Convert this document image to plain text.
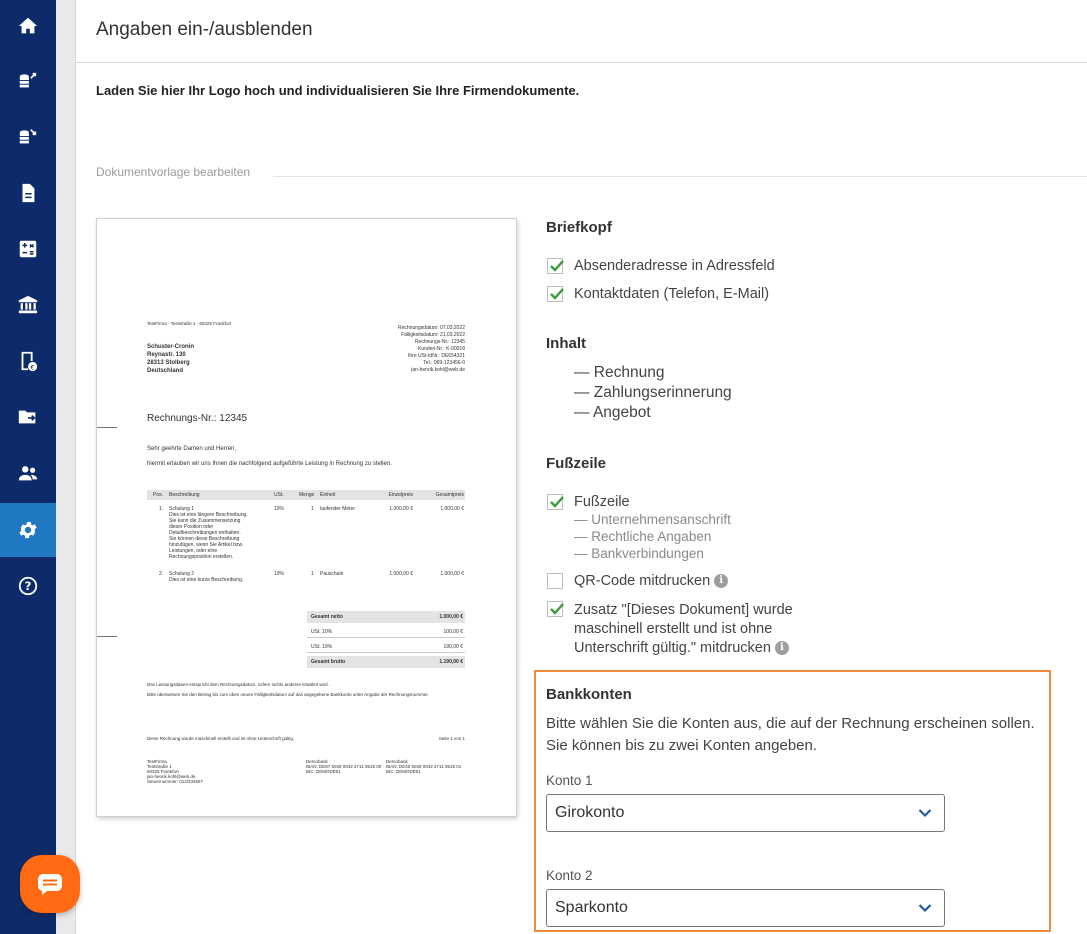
€
?
Angaben ein-/ausblenden
Laden Sie hier Ihr Logo hoch und individualisieren Sie Ihre Firmendokumente.
Dokumentvorlage bearbeiten
TestFirma · Teststraße 1 · 60325 Frankfurt
Schuster-Cronin
Reynastr. 130
28313 Stolberg
Deutschland
Rechnungsdatum: 07.03.2022
Fälligkeitsdatum: 21.03.2022
Rechnungs-Nr.: 12345
Kunden-Nr.: K-00018
Ihre USt-IdNr.: DE654321
Tel.: 069-123456-0
jan-henrik.kohl@web.de
Rechnungs-Nr.: 12345
Sehr geehrte Damen und Herren,
hiermit erlauben wir uns Ihnen die nachfolgend aufgeführte Leistung in Rechnung zu stellen.
Pos. Beschreibung	USt.	Menge Einheit	Einzelpreis	Gesamtpreis
1. Schulung 1
Dies ist eine längere Beschreibung.
Sie kann die Zusammensetzung
dieser Position oder
Detailbeschreibungen enthalten.
Sie können diese Beschreibung
hinzufügen, wenn Sie Artikel bzw.
Leistungen, oder eine
Rechnungsposition erstellen.
19%	1 laufender Meter	1.000,00 €	1.000,00 €
2. Schulung 2
Dies ist eine kurze Beschreibung.
10%	1 Pauschale	1.000,00 €	1.000,00 €
Gesamt netto	1.000,00 €
USt. 10%	100,00 €
USt. 19%	190,00 €
Gesamt brutto	1.190,00 €
Das Leistungsdatum entspricht dem Rechnungsdatum, sofern nichts anderes erwähnt wird.
Bitte überweisen Sie den Betrag bis zum oben neuen Fälligkeitsdatum auf das angegebene Bankkonto unter Angabe der Rechnungsnummer.
Diese Rechnung wurde maschinell erstellt und ist ohne Unterschrift gültig.	Seite 1 von 1
TestFirma
Teststraße 1
60325 Frankfurt
jan-henrik.kohl@web.de
Steuernummer: 012/234567
Demobank
IBAN: DE87 5039 0042 4711 9515 00
BIC: DEMODE01
Demobank
IBAN: DE40 5039 0042 4711 9515 01
BIC: DEMODE01
Briefkopf
Absenderadresse in Adressfeld
Kontaktdaten (Telefon, E-Mail)
Inhalt
— Rechnung
— Zahlungserinnerung
— Angebot
Fußzeile
Fußzeile
— Unternehmensanschrift
— Rechtliche Angaben
— Bankverbindungen
QR-Code mitdrucken i
Zusatz "[Dieses Dokument] wurde
maschinell erstellt und ist ohne
Unterschrift gültig." mitdrucken i
Bankkonten
Bitte wählen Sie die Konten aus, die auf der Rechnung erscheinen sollen.
Sie können bis zu zwei Konten angeben.
Konto 1
Girokonto
Konto 2
Sparkonto
